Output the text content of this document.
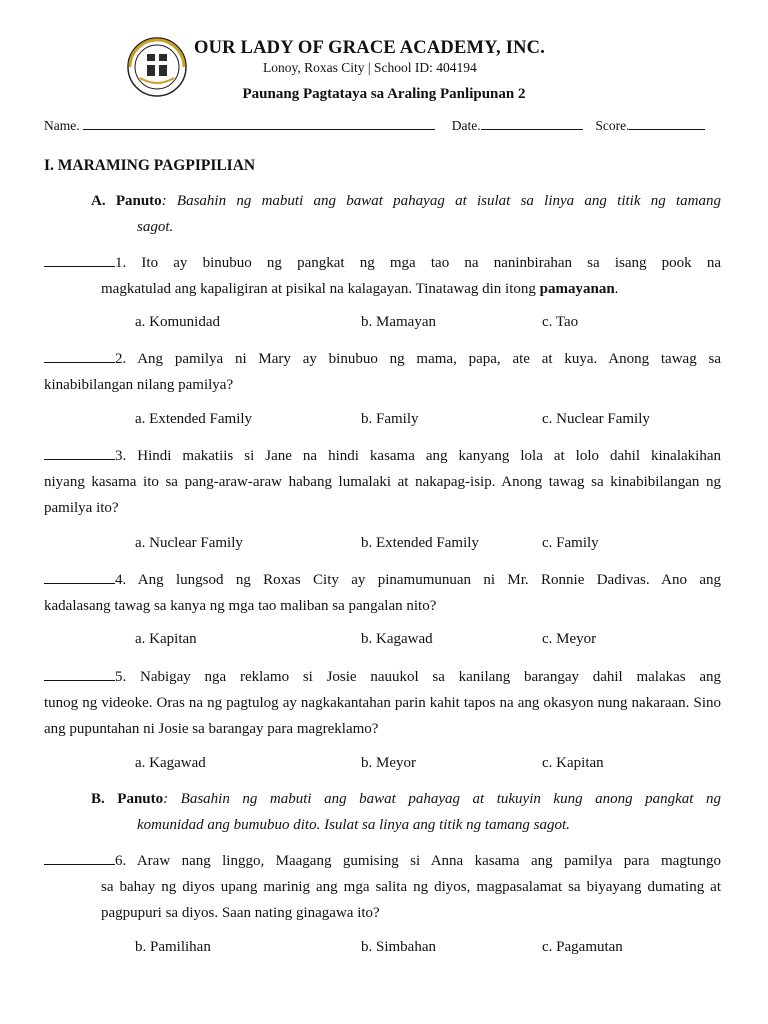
OUR LADY OF GRACE ACADEMY, INC.
Lonoy, Roxas City | School ID: 404194
Paunang Pagtataya sa Araling Panlipunan 2
Name.	Date.	Score.
I. MARAMING PAGPIPILIAN
A. Panuto: Basahin ng mabuti ang bawat pahayag at isulat sa linya ang titik ng tamang
sagot.
1. Ito ay binubuo ng pangkat ng mga tao na naninbirahan sa isang pook na
magkatulad ang kapaligiran at pisikal na kalagayan. Tinatawag din itong pamayanan.
a. Komunidad	b. Mamayan	c. Tao
2. Ang pamilya ni Mary ay binubuo ng mama, papa, ate at kuya. Anong tawag sa
kinabibilangan nilang pamilya?
a. Extended Family	b. Family	c. Nuclear Family
3. Hindi makatiis si Jane na hindi kasama ang kanyang lola at lolo dahil kinalakihan
niyang kasama ito sa pang-araw-araw habang lumalaki at nakapag-isip. Anong tawag sa kinabibilangan ng pamilya ito?
a. Nuclear Family	b. Extended Family	c. Family
4. Ang lungsod ng Roxas City ay pinamumunuan ni Mr. Ronnie Dadivas. Ano ang
kadalasang tawag sa kanya ng mga tao maliban sa pangalan nito?
a. Kapitan	b. Kagawad	c. Meyor
5. Nabigay nga reklamo si Josie nauukol sa kanilang barangay dahil malakas ang
tunog ng videoke. Oras na ng pagtulog ay nagkakantahan parin kahit tapos na ang okasyon nung nakaraan. Sino ang pupuntahan ni Josie sa barangay para magreklamo?
a. Kagawad	b. Meyor	c. Kapitan
B. Panuto: Basahin ng mabuti ang bawat pahayag at tukuyin kung anong pangkat ng
komunidad ang bumubuo dito. Isulat sa linya ang titik ng tamang sagot.
6. Araw nang linggo, Maagang gumising si Anna kasama ang pamilya para magtungo
sa bahay ng diyos upang marinig ang mga salita ng diyos, magpasalamat sa biyayang dumating at pagpupuri sa diyos. Saan nating ginagawa ito?
b. Pamilihan	b. Simbahan	c. Pagamutan
